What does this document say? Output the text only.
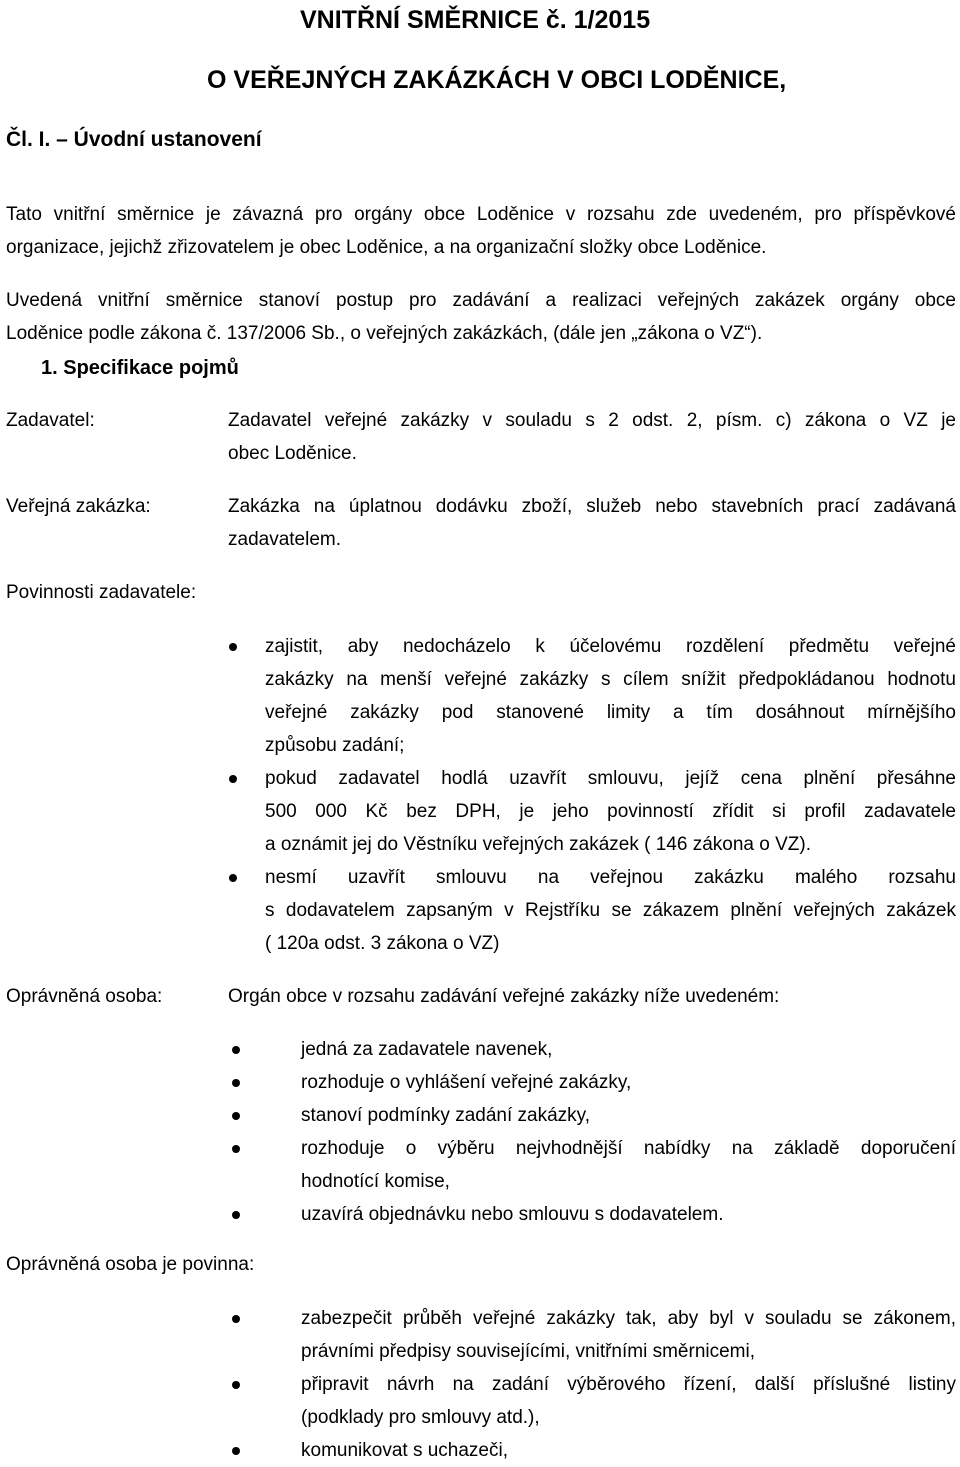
VNITŘNÍ SMĚRNICE č. 1/2015
O VEŘEJNÝCH ZAKÁZKÁCH V OBCI LODĚNICE,
Čl. I. – Úvodní ustanovení

Tato vnitřní směrnice je závazná pro orgány obce Loděnice v rozsahu zde uvedeném, pro příspěvkové
organizace, jejichž zřizovatelem je obec Loděnice, a na organizační složky obce Loděnice.

Uvedená vnitřní směrnice stanoví postup pro zadávání a realizaci veřejných zakázek orgány obce
Loděnice podle zákona č. 137/2006 Sb., o veřejných zakázkách, (dále jen „zákona o VZ“).

1. Specifikace pojmů
Zadavatel:	Zadavatel veřejné zakázky v souladu s 2 odst. 2, písm. c) zákona o VZ je
obec Loděnice.
Veřejná zakázka:	Zakázka na úplatnou dodávku zboží, služeb nebo stavebních prací zadávaná
zadavatelem.
Povinnosti zadavatele:
zajistit, aby nedocházelo k účelovému rozdělení předmětu veřejné
zakázky na menší veřejné zakázky s cílem snížit předpokládanou hodnotu
veřejné zakázky pod stanovené limity a tím dosáhnout mírnějšího
způsobu zadání;
pokud zadavatel hodlá uzavřít smlouvu, jejíž cena plnění přesáhne
500 000 Kč bez DPH, je jeho povinností zřídit si profil zadavatele
a oznámit jej do Věstníku veřejných zakázek ( 146 zákona o VZ).
nesmí uzavřít smlouvu na veřejnou zakázku malého rozsahu
s dodavatelem zapsaným v Rejstříku se zákazem plnění veřejných zakázek
( 120a odst. 3 zákona o VZ)
Oprávněná osoba:	Orgán obce v rozsahu zadávání veřejné zakázky níže uvedeném:
jedná za zadavatele navenek,
rozhoduje o vyhlášení veřejné zakázky,
stanoví podmínky zadání zakázky,
rozhoduje o výběru nejvhodnější nabídky na základě doporučení
hodnotící komise,
uzavírá objednávku nebo smlouvu s dodavatelem.
Oprávněná osoba je povinna:
zabezpečit průběh veřejné zakázky tak, aby byl v souladu se zákonem,
právními předpisy souvisejícími, vnitřními směrnicemi,
připravit návrh na zadání výběrového řízení, další příslušné listiny
(podklady pro smlouvy atd.),
komunikovat s uchazeči,
